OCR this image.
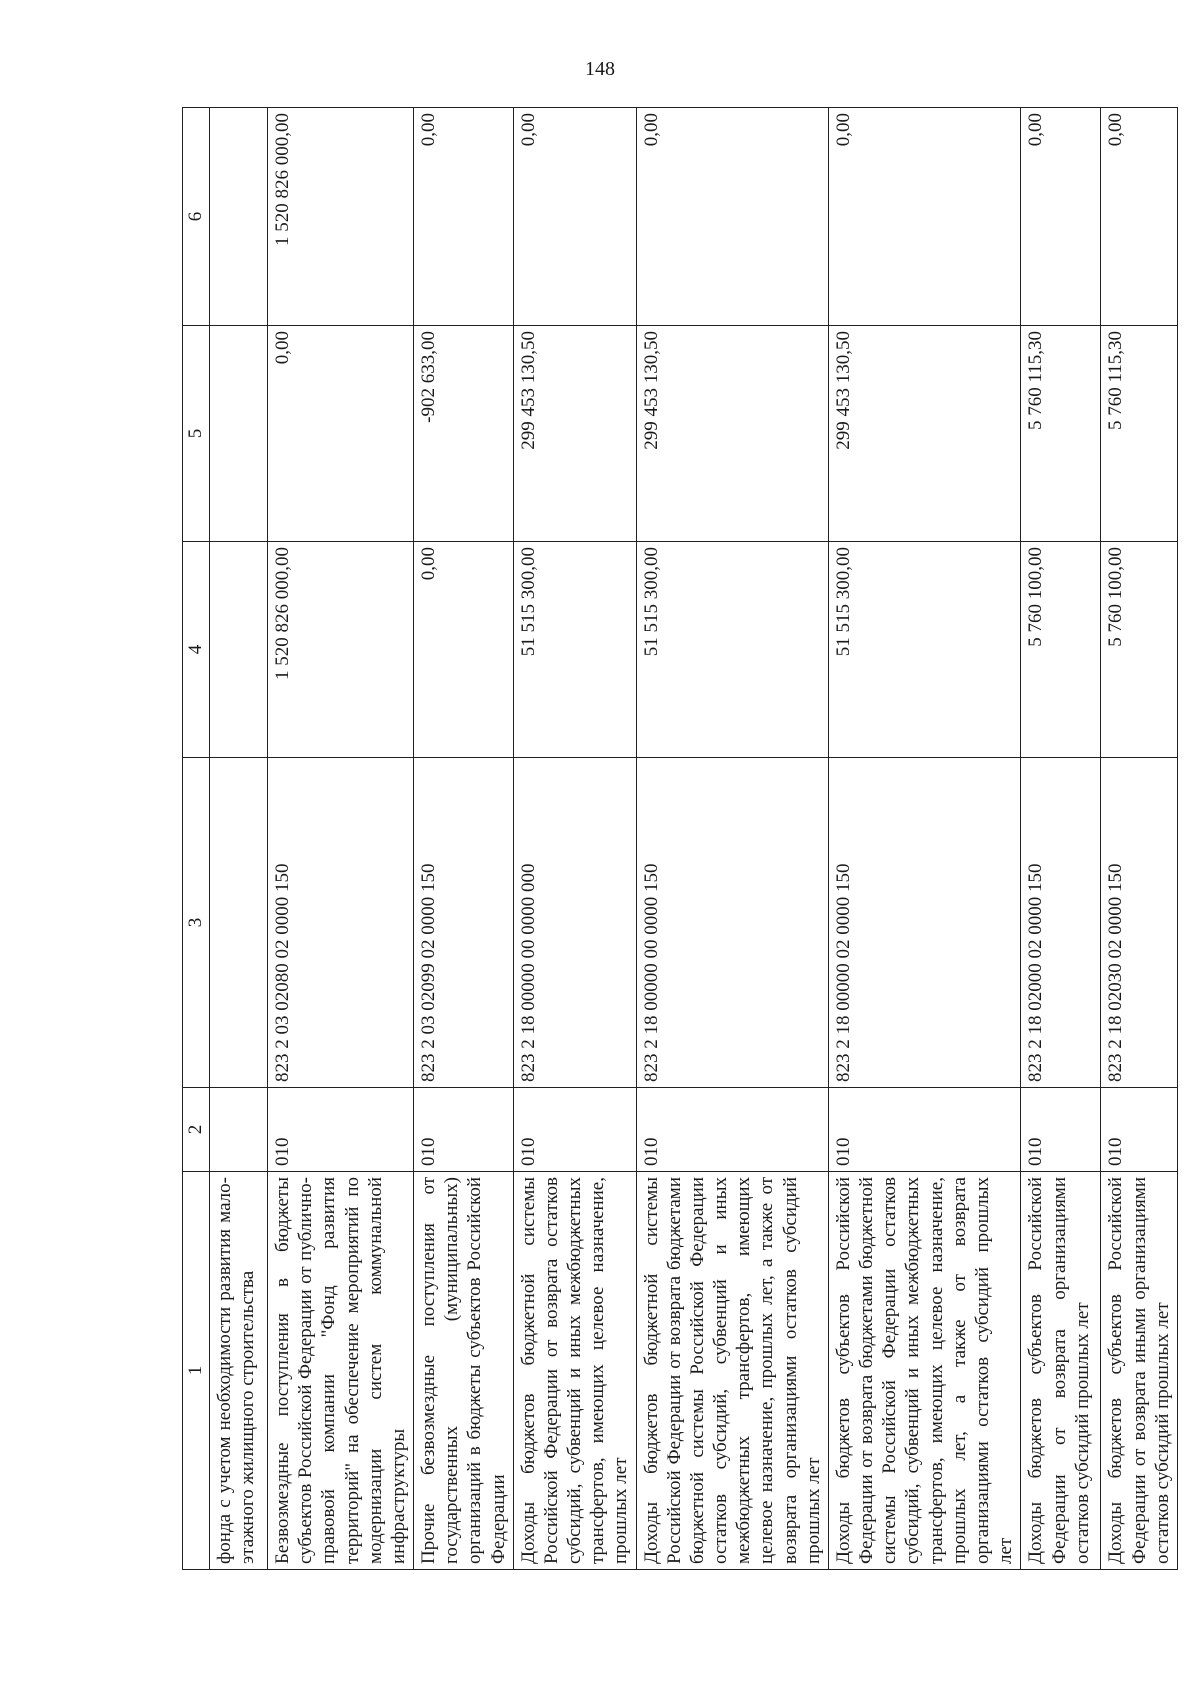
148
1	2	3	4	5	6
фонда с учетом необходимости развития мало-этажного жилищного строительства					
Безвозмездные поступления в бюджеты субъектов Российской Федерации от публично-правовой компании "Фонд развития территорий" на обеспечение мероприятий по модернизации систем коммунальной инфраструктуры	010	823 2 03 02080 02 0000 150	1 520 826 000,00	0,00	1 520 826 000,00
Прочие безвозмездные поступления от государственных (муниципальных) организаций в бюджеты субъектов Российской Федерации	010	823 2 03 02099 02 0000 150	0,00	-902 633,00	0,00
Доходы бюджетов бюджетной системы Российской Федерации от возврата остатков субсидий, субвенций и иных межбюджетных трансфертов, имеющих целевое назначение, прошлых лет	010	823 2 18 00000 00 0000 000	51 515 300,00	299 453 130,50	0,00
Доходы бюджетов бюджетной системы Российской Федерации от возврата бюджетами бюджетной системы Российской Федерации остатков субсидий, субвенций и иных межбюджетных трансфертов, имеющих целевое назначение, прошлых лет, а также от возврата организациями остатков субсидий прошлых лет	010	823 2 18 00000 00 0000 150	51 515 300,00	299 453 130,50	0,00
Доходы бюджетов субъектов Российской Федерации от возврата бюджетами бюджетной системы Российской Федерации остатков субсидий, субвенций и иных межбюджетных трансфертов, имеющих целевое назначение, прошлых лет, а также от возврата организациями остатков субсидий прошлых лет	010	823 2 18 00000 02 0000 150	51 515 300,00	299 453 130,50	0,00
Доходы бюджетов субъектов Российской Федерации от возврата организациями остатков субсидий прошлых лет	010	823 2 18 02000 02 0000 150	5 760 100,00	5 760 115,30	0,00
Доходы бюджетов субъектов Российской Федерации от возврата иными организациями остатков субсидий прошлых лет	010	823 2 18 02030 02 0000 150	5 760 100,00	5 760 115,30	0,00
